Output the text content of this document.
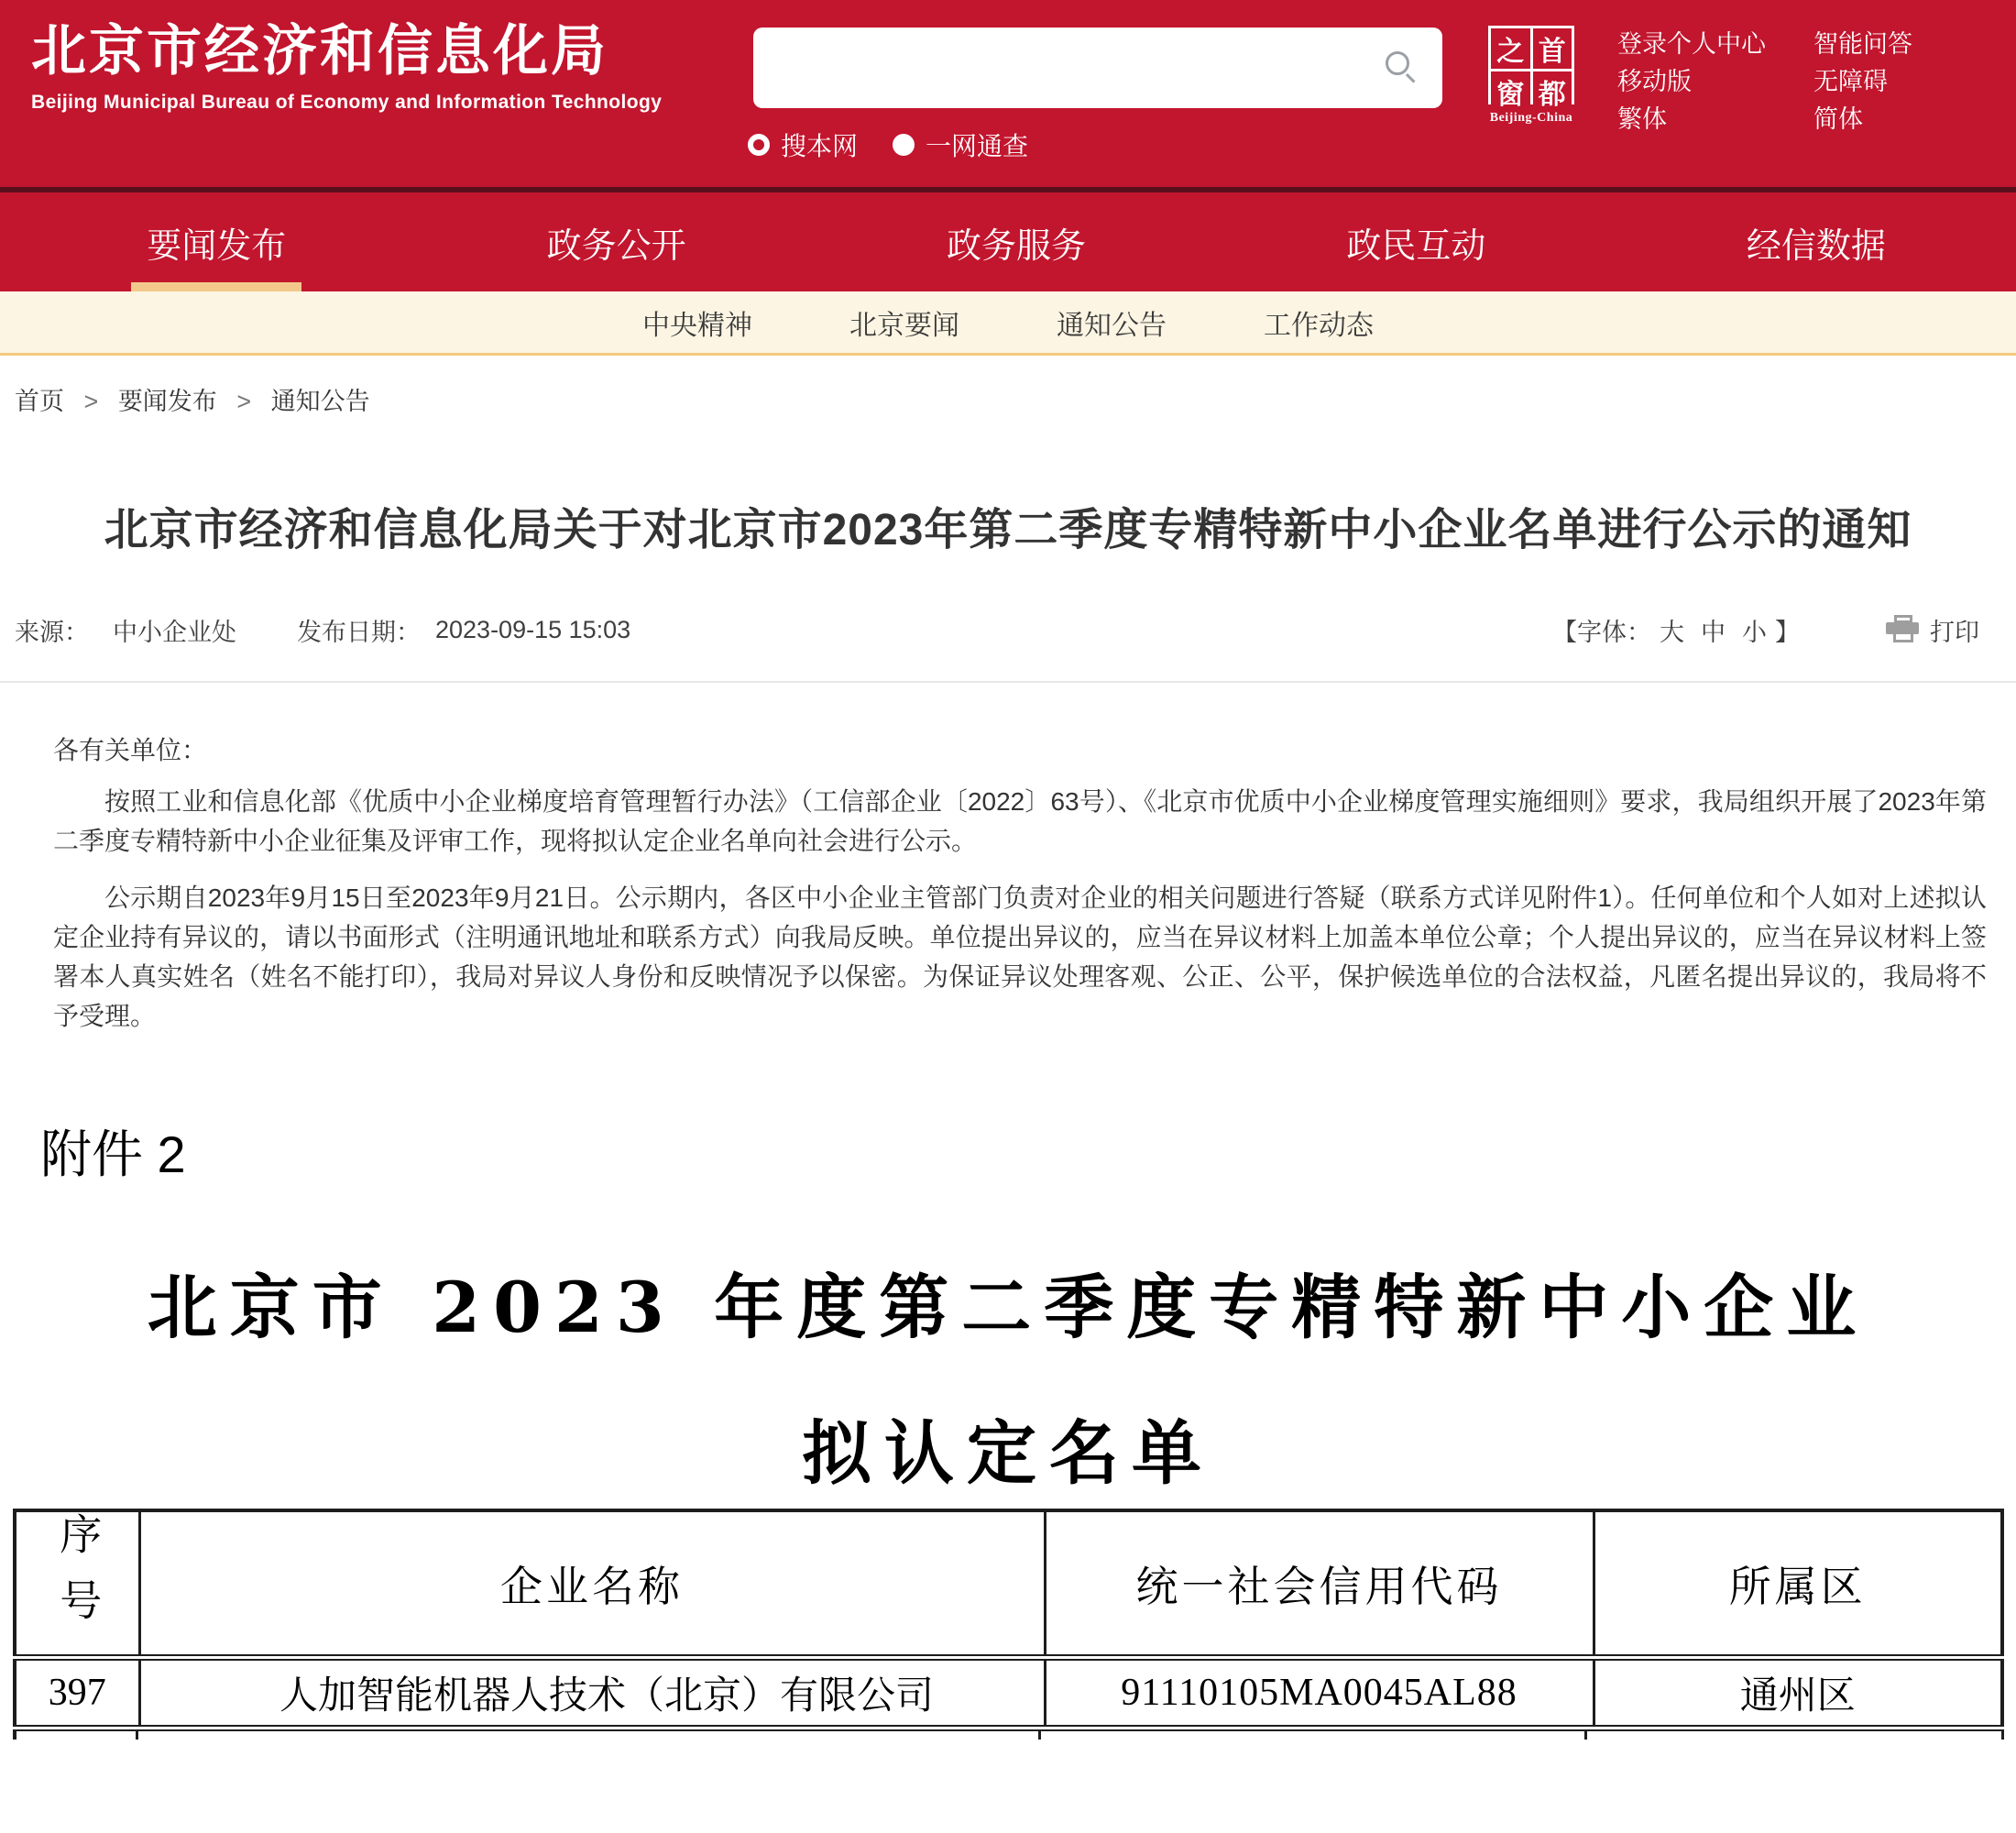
北京市经济和信息化局
Beijing Municipal Bureau of Economy and Information Technology
搜本网	一网通查
之 首
窗 都
Beijing-China
登录个人中心
移动版
繁体
智能问答
无障碍
简体
要闻发布	政务公开	政务服务	政民互动	经信数据
中央精神	北京要闻	通知公告	工作动态
首页 > 要闻发布 > 通知公告
北京市经济和信息化局关于对北京市2023年第二季度专精特新中小企业名单进行公示的通知
来源： 中小企业处 发布日期： 2023-09-15 15:03	【字体： 大 中 小 】	打印
各有关单位：

按照工业和信息化部《优质中小企业梯度培育管理暂行办法》（工信部企业〔2022〕63号）、《北京市优质中小企业梯度管理实施细则》要求，我局组织开展了2023年第二季度专精特新中小企业征集及评审工作，现将拟认定企业名单向社会进行公示。

公示期自2023年9月15日至2023年9月21日。公示期内，各区中小企业主管部门负责对企业的相关问题进行答疑（联系方式详见附件1）。任何单位和个人如对上述拟认定企业持有异议的，请以书面形式（注明通讯地址和联系方式）向我局反映。单位提出异议的，应当在异议材料上加盖本单位公章；个人提出异议的，应当在异议材料上签署本人真实姓名（姓名不能打印），我局对异议人身份和反映情况予以保密。为保证异议处理客观、公正、公平，保护候选单位的合法权益，凡匿名提出异议的，我局将不予受理。

附件 2
北京市 2023 年度第二季度专精特新中小企业
拟认定名单
序号	企业名称	统一社会信用代码	所属区
397	人加智能机器人技术（北京）有限公司	91110105MA0045AL88	通州区
